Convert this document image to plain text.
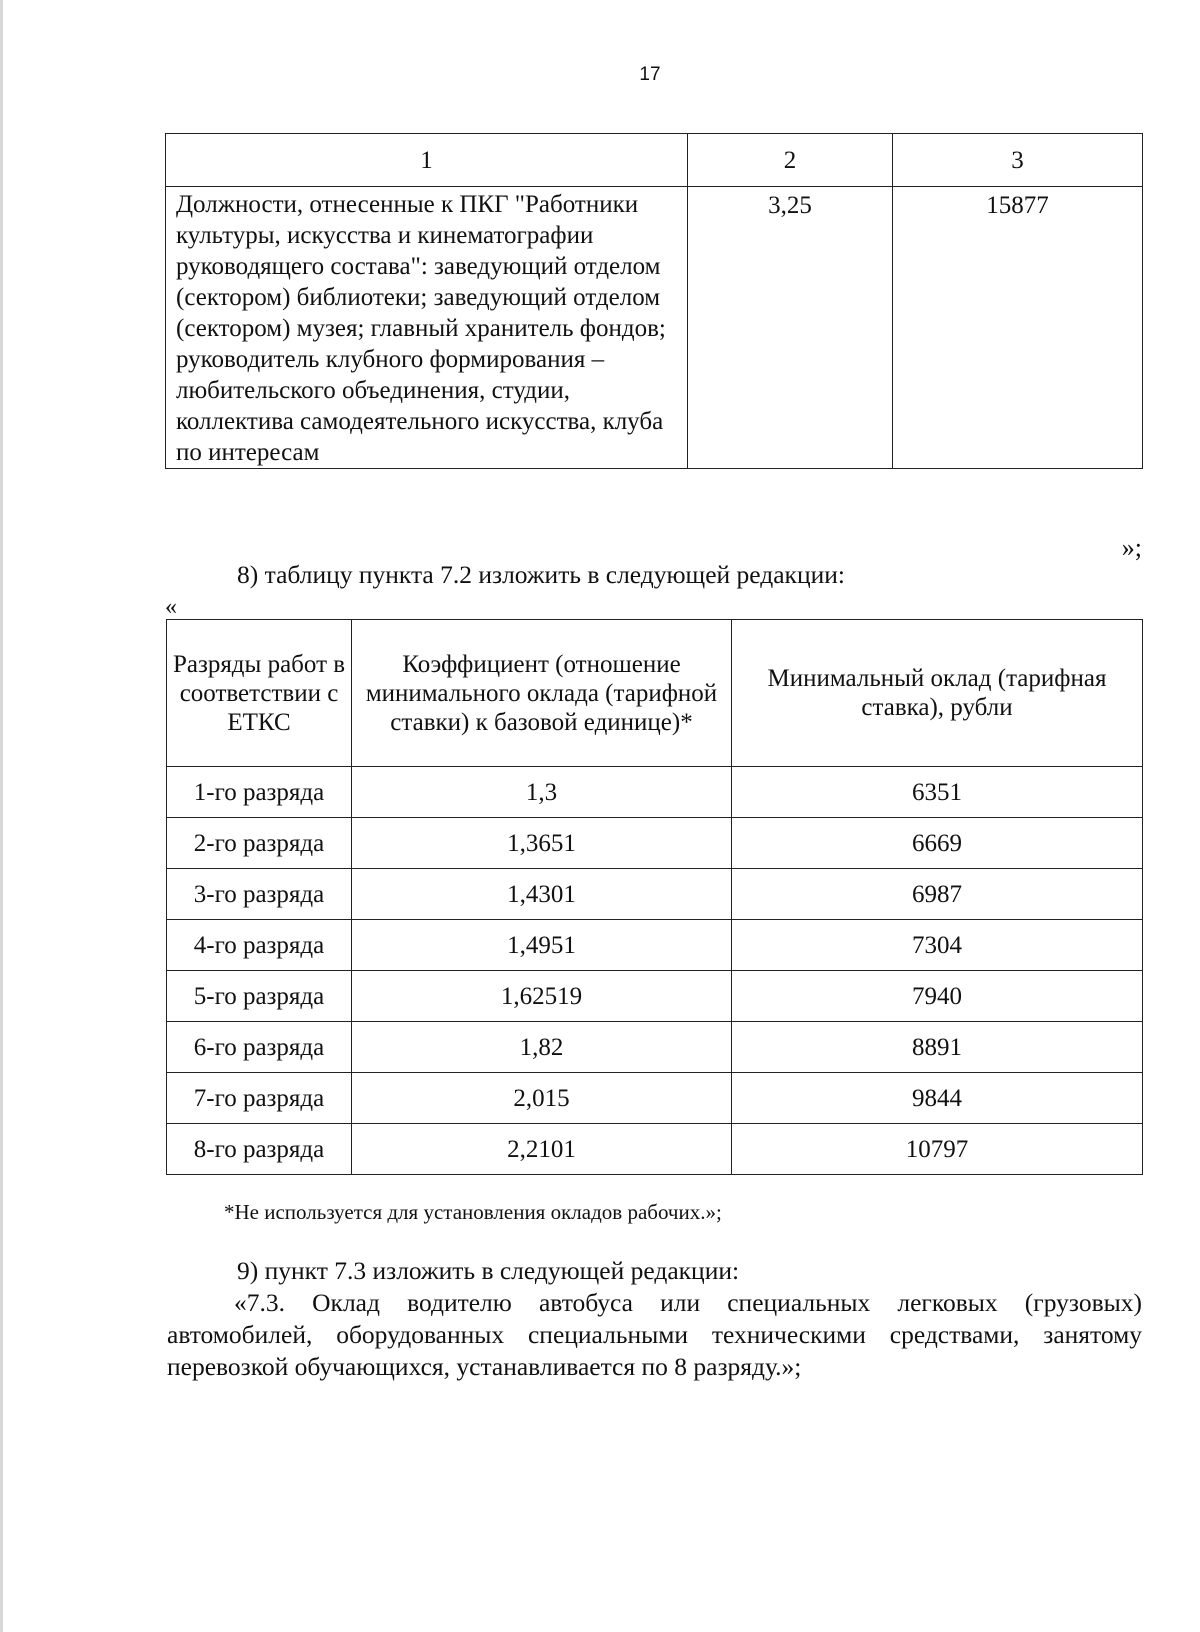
17
1	2	3
Должности, отнесенные к ПКГ "Работники культуры, искусства и кинематографии руководящего состава": заведующий отделом (сектором) библиотеки; заведующий отделом (сектором) музея; главный хранитель фондов; руководитель клубного формирования – любительского объединения, студии, коллектива самодеятельного искусства, клуба по интересам	3,25	15877
»;
8) таблицу пункта 7.2 изложить в следующей редакции:
«
Разряды работ в соответствии с ЕТКС	Коэффициент (отношение минимального оклада (тарифной ставки) к базовой единице)*	Минимальный оклад (тарифная ставка), рубли
1-го разряда	1,3	6351
2-го разряда	1,3651	6669
3-го разряда	1,4301	6987
4-го разряда	1,4951	7304
5-го разряда	1,62519	7940
6-го разряда	1,82	8891
7-го разряда	2,015	9844
8-го разряда	2,2101	10797
*Не используется для установления окладов рабочих.»;
9) пункт 7.3 изложить в следующей редакции:
«7.3. Оклад водителю автобуса или специальных легковых (грузовых) автомобилей, оборудованных специальными техническими средствами, занятому перевозкой обучающихся, устанавливается по 8 разряду.»;
